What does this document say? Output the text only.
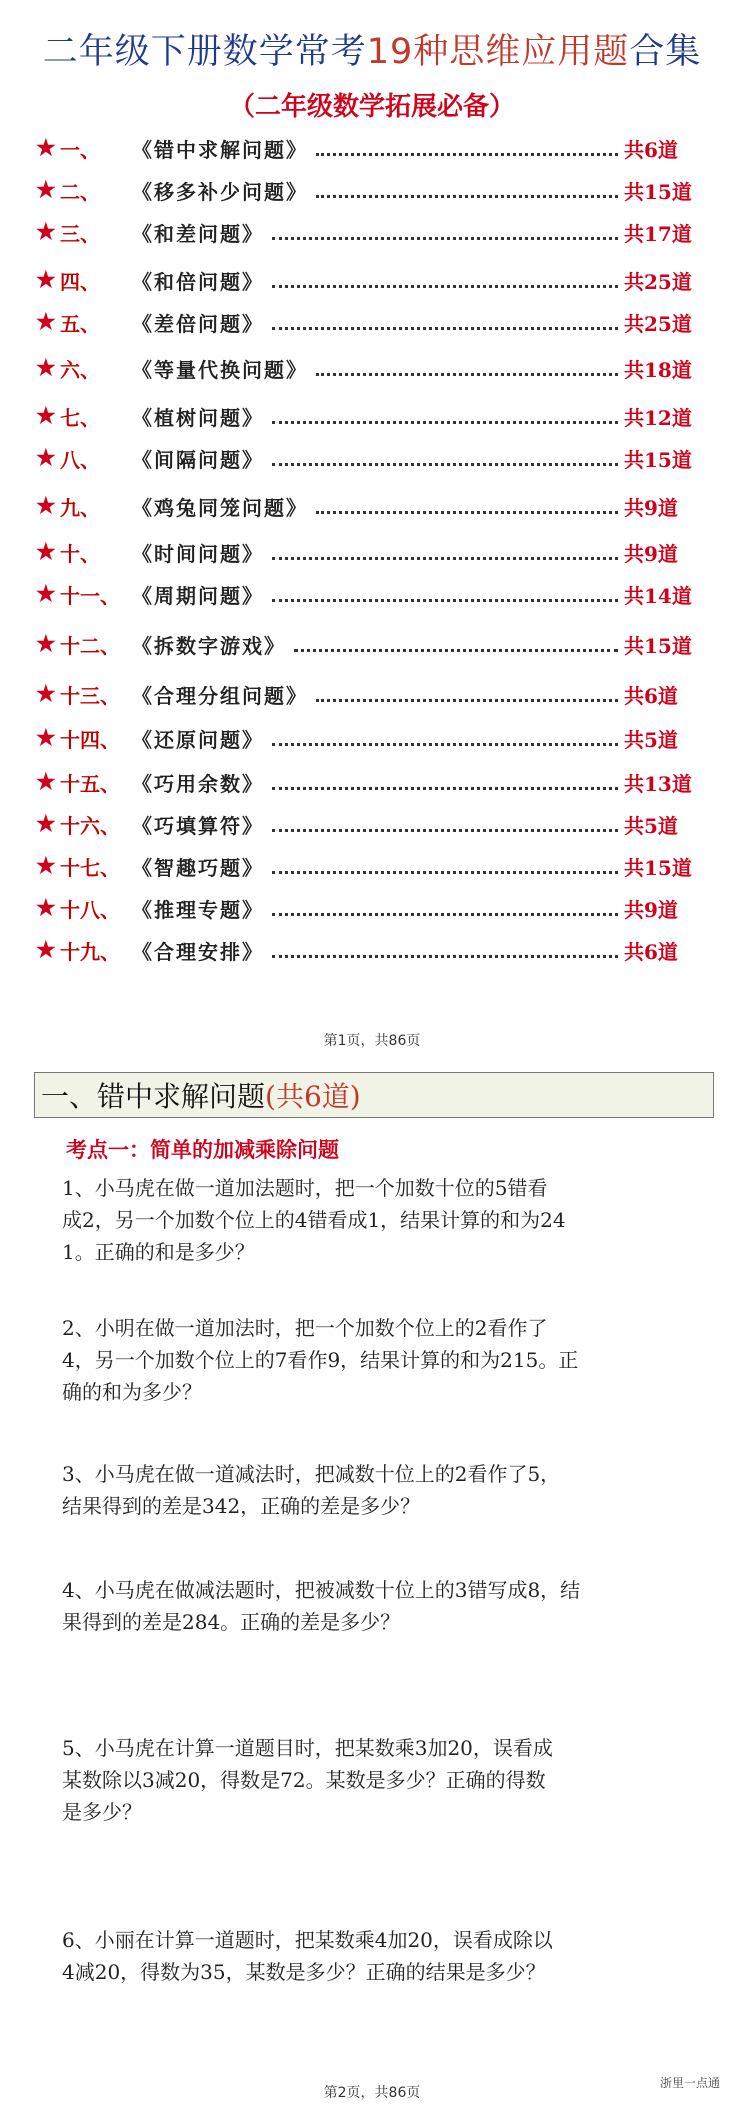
二年级下册数学常考19种思维应用题合集
（二年级数学拓展必备）
★ 一、	《错中求解问题》	共6道
★ 二、	《移多补少问题》	共15道
★ 三、	《和差问题》	共17道
★ 四、	《和倍问题》	共25道
★ 五、	《差倍问题》	共25道
★ 六、	《等量代换问题》	共18道
★ 七、	《植树问题》	共12道
★ 八、	《间隔问题》	共15道
★ 九、	《鸡兔同笼问题》	共9道
★ 十、	《时间问题》	共9道
★ 十一、 《周期问题》	共14道
★ 十二、 《拆数字游戏》	共15道
★ 十三、 《合理分组问题》	共6道
★ 十四、 《还原问题》	共5道
★ 十五、 《巧用余数》	共13道
★ 十六、 《巧填算符》	共5道
★ 十七、 《智趣巧题》	共15道
★ 十八、 《推理专题》	共9道
★ 十九、 《合理安排》	共6道
第1页，共86页
一、错中求解问题 (共6道)
考点一：简单的加减乘除问题
1、小马虎在做一道加法题时，把一个加数十位的5错看
成2，另一个加数个位上的4错看成1，结果计算的和为24
1。正确的和是多少？
2、小明在做一道加法时，把一个加数个位上的2看作了
4，另一个加数个位上的7看作9，结果计算的和为215。正
确的和为多少？
3、小马虎在做一道减法时，把减数十位上的2看作了5，
结果得到的差是342，正确的差是多少？
4、小马虎在做减法题时，把被减数十位上的3错写成8，结
果得到的差是284。正确的差是多少？
5、小马虎在计算一道题目时，把某数乘3加20，误看成
某数除以3减20，得数是72。某数是多少？正确的得数
是多少？
6、小丽在计算一道题时，把某数乘4加20，误看成除以
4减20，得数为35，某数是多少？正确的结果是多少？
浙里一点通
第2页，共86页
